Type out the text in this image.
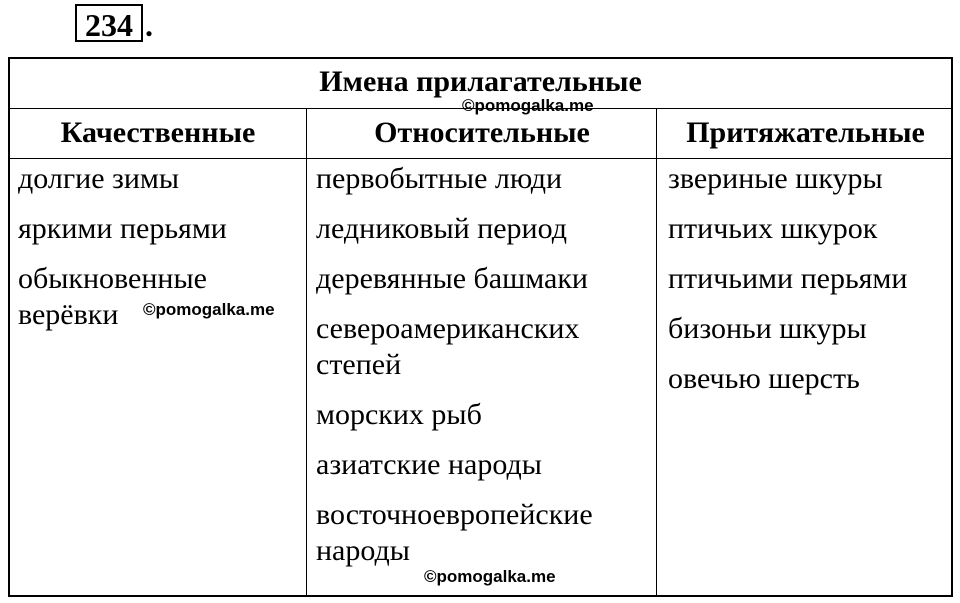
234 .
Имена прилагательные
Качественные	Относительные	Притяжательные
долгие зимы
яркими перьями
обыкновенные
верёвки
первобытные люди
ледниковый период
деревянные башмаки
североамериканских
степей
морских рыб
азиатские народы
восточноевропейские
народы
звериные шкуры
птичьих шкурок
птичьими перьями
бизоньи шкуры
овечью шерсть
©pomogalka.me
©pomogalka.me
©pomogalka.me
